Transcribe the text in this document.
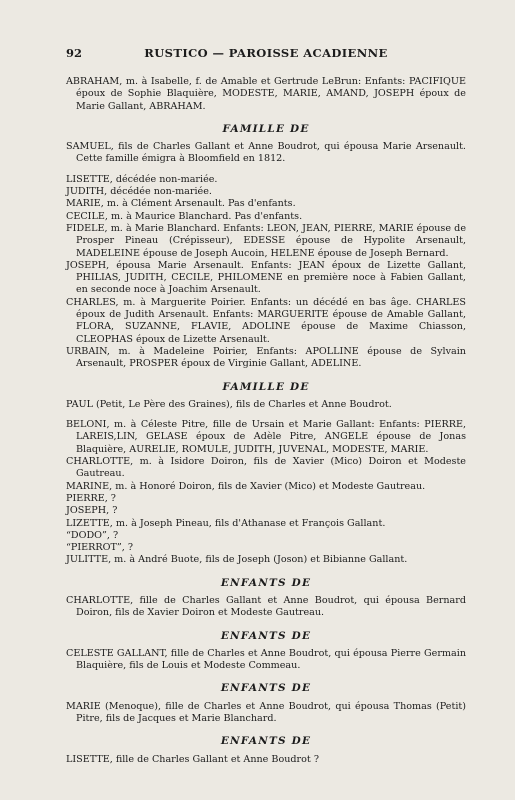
92	RUSTICO — PAROISSE ACADIENNE

ABRAHAM, m. à Isabelle, f. de Amable et Gertrude LeBrun: Enfants: PACIFIQUE époux de Sophie Blaquière, MODESTE, MARIE, AMAND, JOSEPH époux de Marie Gallant, ABRAHAM.

FAMILLE DE

SAMUEL, fils de Charles Gallant et Anne Boudrot, qui épousa Marie Arsenault. Cette famille émigra à Bloomfield en 1812.

LISETTE, décédée non-mariée.

JUDITH, décédée non-mariée.

MARIE, m. à Clément Arsenault. Pas d'enfants.

CECILE, m. à Maurice Blanchard. Pas d'enfants.

FIDELE, m. à Marie Blanchard. Enfants: LEON, JEAN, PIERRE, MARIE épouse de Prosper Pineau (Crépisseur), EDESSE épouse de Hypolite Arsenault, MADELEINE épouse de Joseph Aucoin, HELENE épouse de Joseph Bernard.

JOSEPH, épousa Marie Arsenault. Enfants: JEAN époux de Lizette Gallant, PHILIAS, JUDITH, CECILE, PHILOMENE en première noce à Fabien Gallant, en seconde noce à Joachim Arsenault.

CHARLES, m. à Marguerite Poirier. Enfants: un décédé en bas âge. CHARLES époux de Judith Arsenault. Enfants: MARGUERITE épouse de Amable Gallant, FLORA, SUZANNE, FLAVIE, ADOLINE épouse de Maxime Chiasson, CLEOPHAS époux de Lizette Arsenault.

URBAIN, m. à Madeleine Poirier, Enfants: APOLLINE épouse de Sylvain Arsenault, PROSPER époux de Virginie Gallant, ADELINE.

FAMILLE DE

PAUL (Petit, Le Père des Graines), fils de Charles et Anne Boudrot.

BELONI, m. à Céleste Pitre, fille de Ursain et Marie Gallant: Enfants: PIERRE, LAREIS,LIN, GELASE époux de Adèle Pitre, ANGELE épouse de Jonas Blaquière, AURELIE, ROMULE, JUDITH, JUVENAL, MODESTE, MARIE.

CHARLOTTE, m. à Isidore Doiron, fils de Xavier (Mico) Doiron et Modeste Gautreau.

MARINE, m. à Honoré Doiron, fils de Xavier (Mico) et Modeste Gautreau.

PIERRE, ?

JOSEPH, ?

LIZETTE, m. à Joseph Pineau, fils d'Athanase et François Gallant.

“DODO”, ?

“PIERROT”, ?

JULITTE, m. à André Buote, fils de Joseph (Joson) et Bibianne Gallant.

ENFANTS DE

CHARLOTTE, fille de Charles Gallant et Anne Boudrot, qui épousa Bernard Doiron, fils de Xavier Doiron et Modeste Gautreau.

ENFANTS DE

CELESTE GALLANT, fille de Charles et Anne Boudrot, qui épousa Pierre Germain Blaquière, fils de Louis et Modeste Commeau.

ENFANTS DE

MARIE (Menoque), fille de Charles et Anne Boudrot, qui épousa Thomas (Petit) Pitre, fils de Jacques et Marie Blanchard.

ENFANTS DE

LISETTE, fille de Charles Gallant et Anne Boudrot ?
